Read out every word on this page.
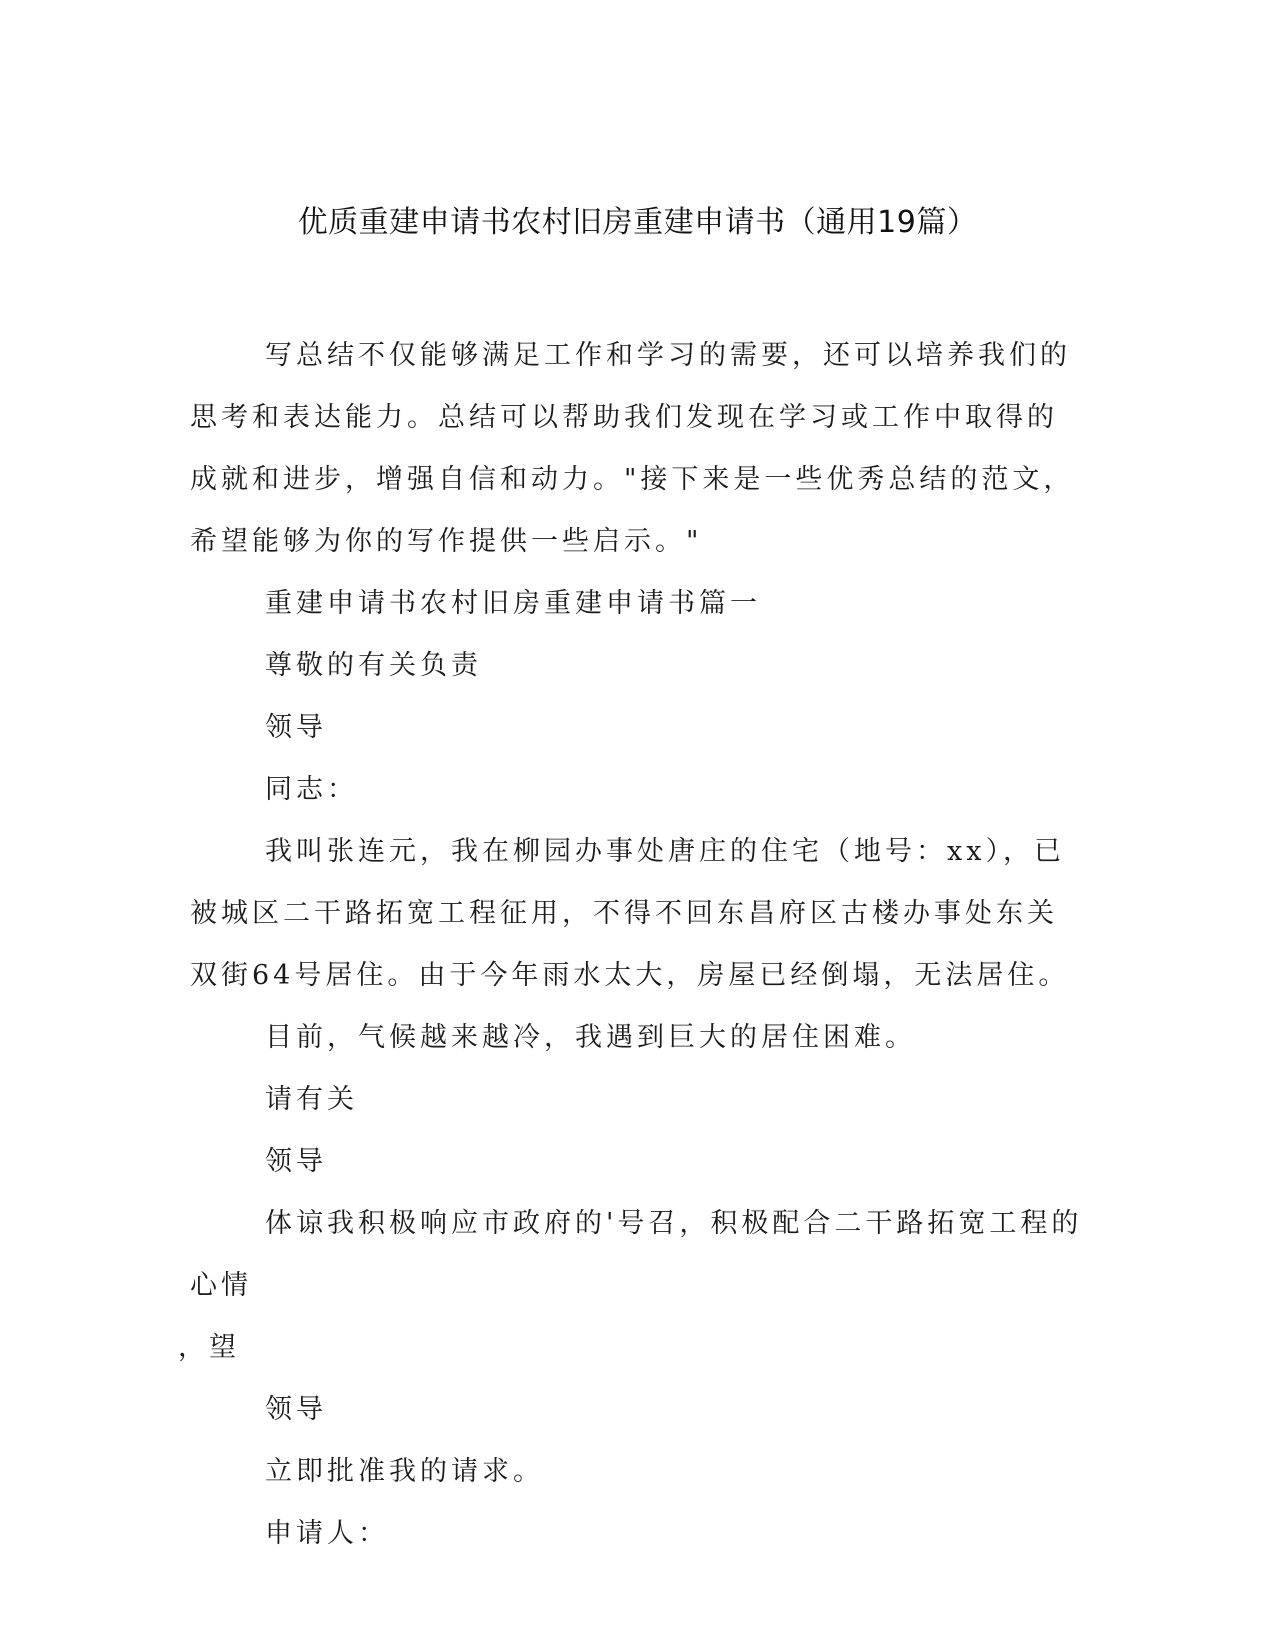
优质重建申请书农村旧房重建申请书（通用19篇）

写总结不仅能够满足工作和学习的需要，还可以培养我们的思考和表达能力。总结可以帮助我们发现在学习或工作中取得的成就和进步，增强自信和动力。"接下来是一些优秀总结的范文，希望能够为你的写作提供一些启示。"

重建申请书农村旧房重建申请书篇一

尊敬的有关负责

领导

同志：

我叫张连元，我在柳园办事处唐庄的住宅（地号：xx），已被城区二干路拓宽工程征用，不得不回东昌府区古楼办事处东关双街64号居住。由于今年雨水太大，房屋已经倒塌，无法居住。

目前，气候越来越冷，我遇到巨大的居住困难。

请有关

领导

体谅我积极响应市政府的'号召，积极配合二干路拓宽工程的心情

，望

领导

立即批准我的请求。

申请人：
